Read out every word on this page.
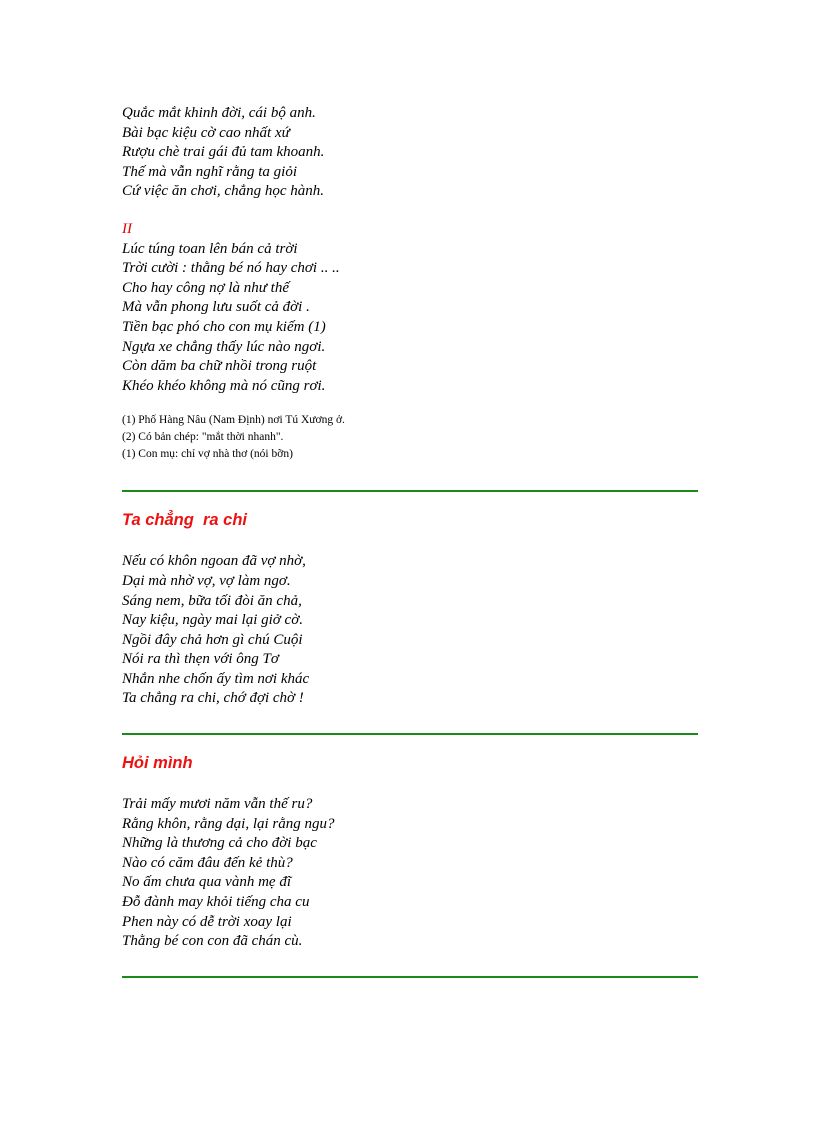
Quắc mắt khinh đời, cái bộ anh.
Bài bạc kiệu cờ cao nhất xứ
Rượu chè trai gái đủ tam khoanh.
Thế mà vẫn nghĩ rằng ta giỏi
Cứ việc ăn chơi, chẳng học hành.
II
Lúc túng toan lên bán cả trời
Trời cười : thằng bé nó hay chơi .. ..
Cho hay công nợ là như thế
Mà vẫn phong lưu suốt cả đời .
Tiền bạc phó cho con mụ kiếm (1)
Ngựa xe chẳng thấy lúc nào ngơi.
Còn dăm ba chữ nhồi trong ruột
Khéo khéo không mà nó cũng rơi.
(1) Phố Hàng Nâu (Nam Định) nơi Tú Xương ở.
(2) Có bản chép: "mắt thời nhanh".
(1) Con mụ: chỉ vợ nhà thơ (nói bỡn)
Ta chẳng  ra chi
Nếu có khôn ngoan đã vợ nhờ,
Dại mà nhờ vợ, vợ làm ngơ.
Sáng nem, bữa tối đòi ăn chả,
Nay kiệu, ngày mai lại giở cờ.
Ngồi đây chả hơn gì chú Cuội
Nói ra thì thẹn với ông Tơ
Nhắn nhe chốn ấy tìm nơi khác
Ta chẳng ra chi, chớ đợi chờ !
Hỏi mình
Trải mấy mươi năm vẫn thế ru?
Rằng khôn, rằng dại, lại rằng ngu?
Những là thương cả cho đời bạc
Nào có căm đâu đến kẻ thù?
No ấm chưa qua vành mẹ đĩ
Đỗ đành may khỏi tiếng cha cu
Phen này có dễ trời xoay lại
Thằng bé con con đã chán cù.
